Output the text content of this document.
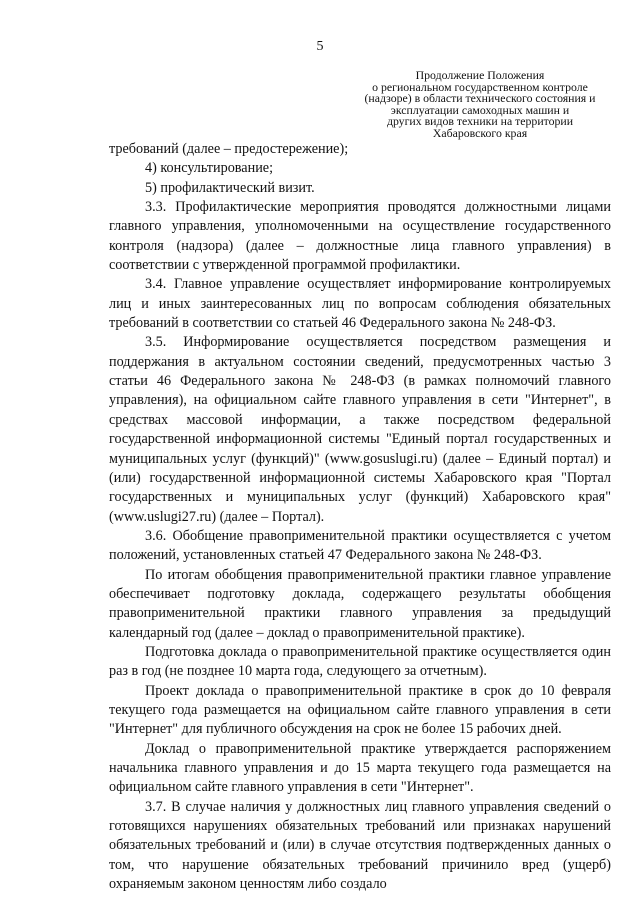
5
Продолжение Положения
о региональном государственном контроле
(надзоре) в области технического состояния и
эксплуатации самоходных машин и
других видов техники на территории
Хабаровского края

требований (далее – предостережение);

4) консультирование;

5) профилактический визит.

3.3. Профилактические мероприятия проводятся должностными лицами главного управления, уполномоченными на осуществление государственного контроля (надзора) (далее – должностные лица главного управления) в соответствии с утвержденной программой профилактики.

3.4. Главное управление осуществляет информирование контролируемых лиц и иных заинтересованных лиц по вопросам соблюдения обязательных требований в соответствии со статьей 46 Федерального закона № 248-ФЗ.

3.5. Информирование осуществляется посредством размещения и поддержания в актуальном состоянии сведений, предусмотренных частью 3 статьи 46 Федерального закона № 248-ФЗ (в рамках полномочий главного управления), на официальном сайте главного управления в сети "Интернет", в средствах массовой информации, а также посредством федеральной государственной информационной системы "Единый портал государственных и муниципальных услуг (функций)" (www.gosuslugi.ru) (далее – Единый портал) и (или) государственной информационной системы Хабаровского края "Портал государственных и муниципальных услуг (функций) Хабаровского края" (www.uslugi27.ru) (далее – Портал).

3.6. Обобщение правоприменительной практики осуществляется с учетом положений, установленных статьей 47 Федерального закона № 248-ФЗ.

По итогам обобщения правоприменительной практики главное управление обеспечивает подготовку доклада, содержащего результаты обобщения правоприменительной практики главного управления за предыдущий календарный год (далее – доклад о правоприменительной практике).

Подготовка доклада о правоприменительной практике осуществляется один раз в год (не позднее 10 марта года, следующего за отчетным).

Проект доклада о правоприменительной практике в срок до 10 февраля текущего года размещается на официальном сайте главного управления в сети "Интернет" для публичного обсуждения на срок не более 15 рабочих дней.

Доклад о правоприменительной практике утверждается распоряжением начальника главного управления и до 15 марта текущего года размещается на официальном сайте главного управления в сети "Интернет".

3.7. В случае наличия у должностных лиц главного управления сведений о готовящихся нарушениях обязательных требований или признаках нарушений обязательных требований и (или) в случае отсутствия подтвержденных данных о том, что нарушение обязательных требований причинило вред (ущерб) охраняемым законом ценностям либо создало
